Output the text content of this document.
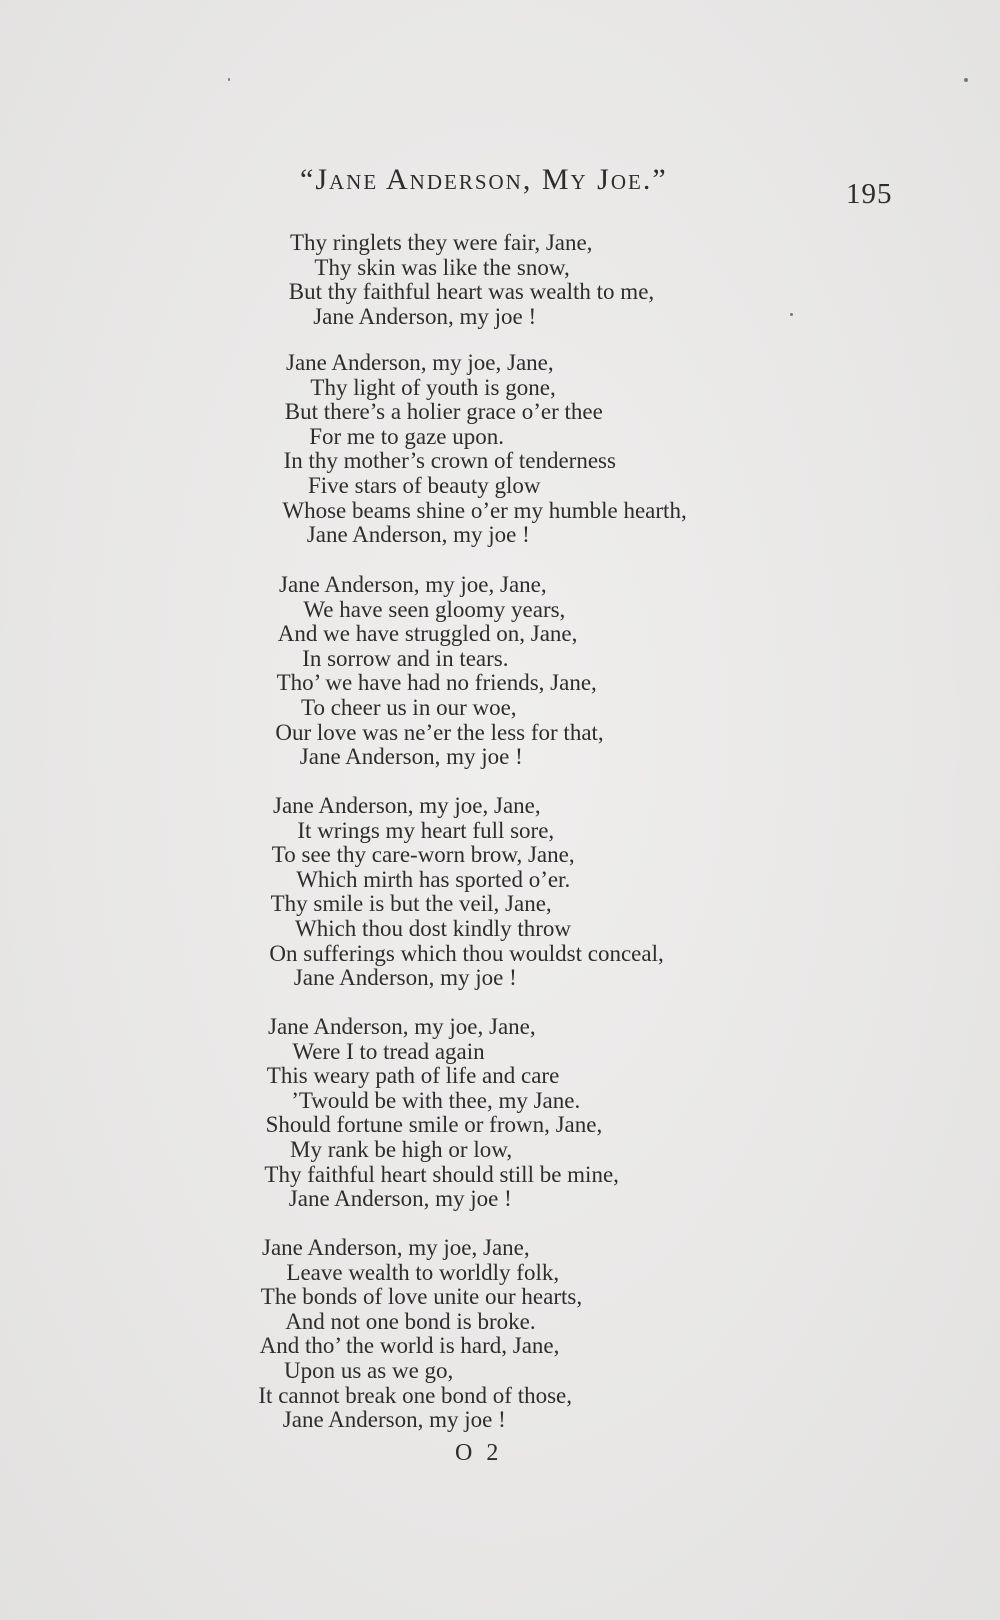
“Jane Anderson, My Joe.”	195
Thy ringlets they were fair, Jane,
Thy skin was like the snow,
But thy faithful heart was wealth to me,
Jane Anderson, my joe !
Jane Anderson, my joe, Jane,
Thy light of youth is gone,
But there’s a holier grace o’er thee
For me to gaze upon.
In thy mother’s crown of tenderness
Five stars of beauty glow
Whose beams shine o’er my humble hearth,
Jane Anderson, my joe !
Jane Anderson, my joe, Jane,
We have seen gloomy years,
And we have struggled on, Jane,
In sorrow and in tears.
Tho’ we have had no friends, Jane,
To cheer us in our woe,
Our love was ne’er the less for that,
Jane Anderson, my joe !
Jane Anderson, my joe, Jane,
It wrings my heart full sore,
To see thy care-worn brow, Jane,
Which mirth has sported o’er.
Thy smile is but the veil, Jane,
Which thou dost kindly throw
On sufferings which thou wouldst conceal,
Jane Anderson, my joe !
Jane Anderson, my joe, Jane,
Were I to tread again
This weary path of life and care
’Twould be with thee, my Jane.
Should fortune smile or frown, Jane,
My rank be high or low,
Thy faithful heart should still be mine,
Jane Anderson, my joe !
Jane Anderson, my joe, Jane,
Leave wealth to worldly folk,
The bonds of love unite our hearts,
And not one bond is broke.
And tho’ the world is hard, Jane,
Upon us as we go,
It cannot break one bond of those,
Jane Anderson, my joe !
O 2
